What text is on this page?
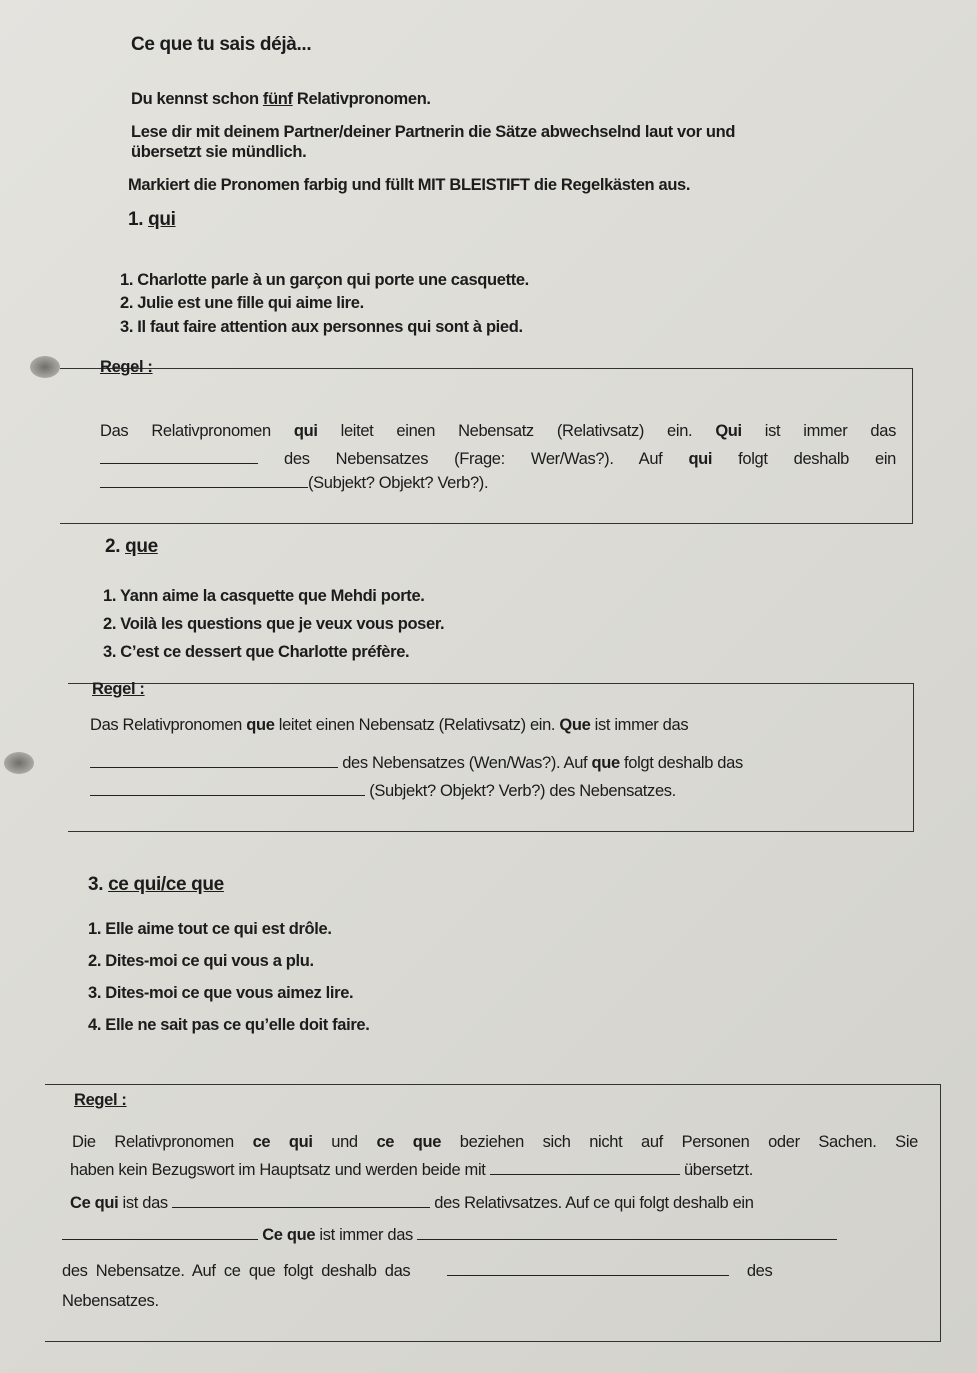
Ce que tu sais déjà...
Du kennst schon fünf Relativpronomen.
Lese dir mit deinem Partner/deiner Partnerin die Sätze abwechselnd laut vor und
übersetzt sie mündlich.
Markiert die Pronomen farbig und füllt MIT BLEISTIFT die Regelkästen aus.
1. qui
1. Charlotte parle à un garçon qui porte une casquette.
2. Julie est une fille qui aime lire.
3. Il faut faire attention aux personnes qui sont à pied.
Regel :
Das Relativpronomen qui leitet einen Nebensatz (Relativsatz) ein. Qui ist immer das
des Nebensatzes (Frage: Wer/Was?). Auf qui folgt deshalb ein
(Subjekt? Objekt? Verb?).
2. que
1. Yann aime la casquette que Mehdi porte.
2. Voilà les questions que je veux vous poser.
3. C’est ce dessert que Charlotte préfère.
Regel :
Das Relativpronomen que leitet einen Nebensatz (Relativsatz) ein. Que ist immer das
des Nebensatzes (Wen/Was?). Auf que folgt deshalb das
(Subjekt? Objekt? Verb?) des Nebensatzes.
3. ce qui/ce que
1. Elle aime tout ce qui est drôle.
2. Dites-moi ce qui vous a plu.
3. Dites-moi ce que vous aimez lire.
4. Elle ne sait pas ce qu’elle doit faire.
Regel :
Die Relativpronomen ce qui und ce que beziehen sich nicht auf Personen oder Sachen. Sie
haben kein Bezugswort im Hauptsatz und werden beide mit	übersetzt.
Ce qui ist das	des Relativsatzes. Auf ce qui folgt deshalb ein
Ce que ist immer das
des Nebensatze. Auf ce que folgt deshalb das	des
Nebensatzes.
